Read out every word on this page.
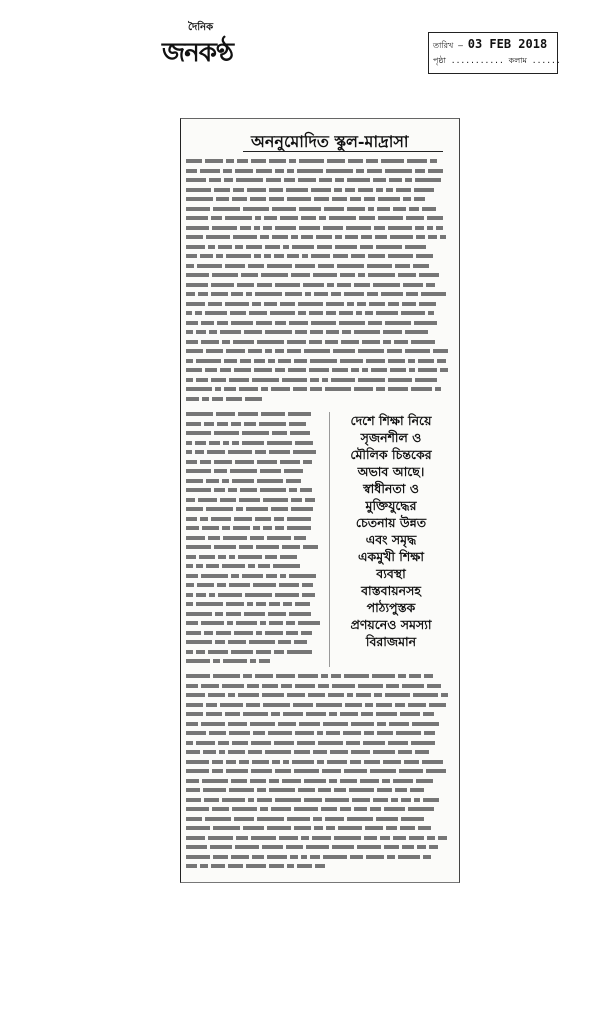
দৈনিক
জনকণ্ঠ	তারিখ — 03 FEB 2018
পৃষ্ঠা ........... কলাম ......
অননুমোদিত স্কুল-মাদ্রাসা
দেশে শিক্ষা নিয়ে
সৃজনশীল ও
মৌলিক চিন্তকের
অভাব আছে।
স্বাধীনতা ও
মুক্তিযুদ্ধের
চেতনায় উন্নত
এবং সমৃদ্ধ
একমুখী শিক্ষা
ব্যবস্থা
বাস্তবায়নসহ
পাঠ্যপুস্তক
প্রণয়নেও সমস্যা
বিরাজমান
